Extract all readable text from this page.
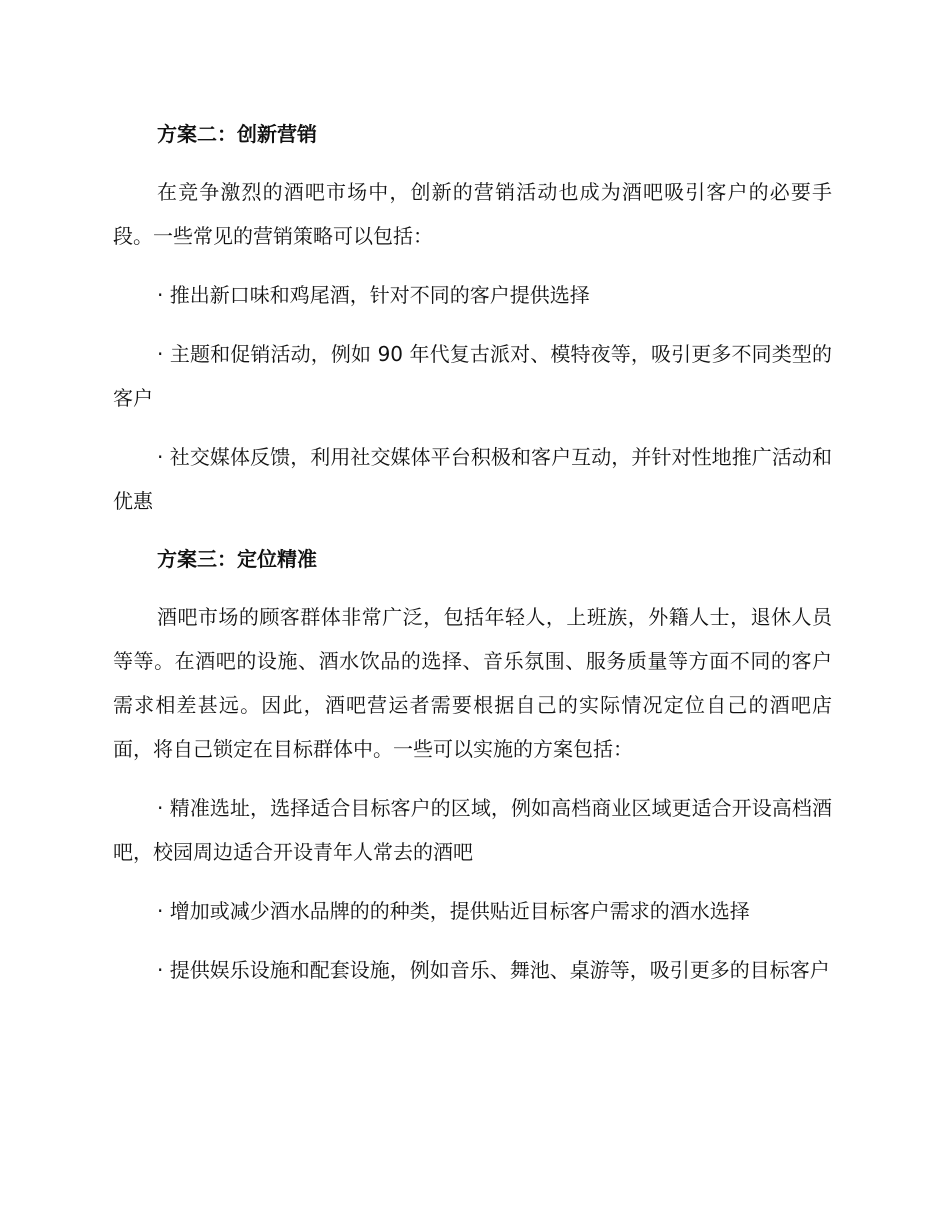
方案二：创新营销

在竞争激烈的酒吧市场中，创新的营销活动也成为酒吧吸引客户的必要手段。一些常见的营销策略可以包括：

· 推出新口味和鸡尾酒，针对不同的客户提供选择

· 主题和促销活动，例如 90 年代复古派对、模特夜等，吸引更多不同类型的客户

· 社交媒体反馈，利用社交媒体平台积极和客户互动，并针对性地推广活动和优惠

方案三：定位精准

酒吧市场的顾客群体非常广泛，包括年轻人，上班族，外籍人士，退休人员等等。在酒吧的设施、酒水饮品的选择、音乐氛围、服务质量等方面不同的客户需求相差甚远。因此，酒吧营运者需要根据自己的实际情况定位自己的酒吧店面，将自己锁定在目标群体中。一些可以实施的方案包括：

· 精准选址，选择适合目标客户的区域，例如高档商业区域更适合开设高档酒吧，校园周边适合开设青年人常去的酒吧

· 增加或减少酒水品牌的的种类，提供贴近目标客户需求的酒水选择

· 提供娱乐设施和配套设施，例如音乐、舞池、桌游等，吸引更多的目标客户
